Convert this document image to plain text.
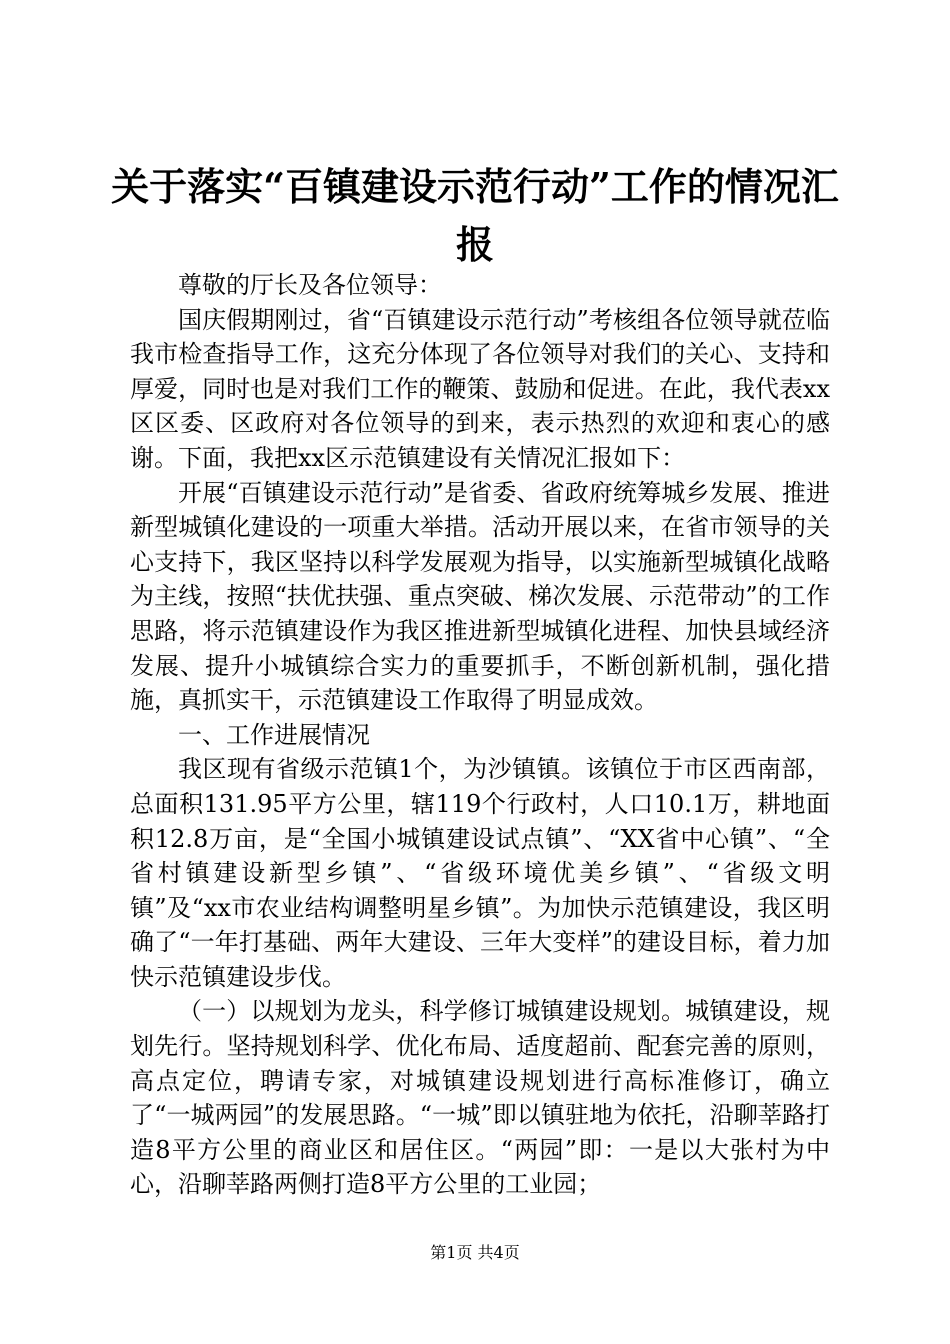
关于落实“百镇建设示范行动”工作的情况汇报

尊敬的厅长及各位领导：

国庆假期刚过，省“百镇建设示范行动”考核组各位领导就莅临我市检查指导工作，这充分体现了各位领导对我们的关心、支持和厚爱，同时也是对我们工作的鞭策、鼓励和促进。在此，我代表xx区区委、区政府对各位领导的到来，表示热烈的欢迎和衷心的感谢。下面，我把xx区示范镇建设有关情况汇报如下：

开展“百镇建设示范行动”是省委、省政府统筹城乡发展、推进新型城镇化建设的一项重大举措。活动开展以来，在省市领导的关心支持下，我区坚持以科学发展观为指导，以实施新型城镇化战略为主线，按照“扶优扶强、重点突破、梯次发展、示范带动”的工作思路，将示范镇建设作为我区推进新型城镇化进程、加快县域经济发展、提升小城镇综合实力的重要抓手，不断创新机制，强化措施，真抓实干，示范镇建设工作取得了明显成效。

一、工作进展情况

我区现有省级示范镇1个，为沙镇镇。该镇位于市区西南部，总面积131.95平方公里，辖119个行政村，人口10.1万，耕地面积12.8万亩，是“全国小城镇建设试点镇”、“XX省中心镇”、“全省村镇建设新型乡镇”、“省级环境优美乡镇”、“省级文明镇”及“xx市农业结构调整明星乡镇”。为加快示范镇建设，我区明确了“一年打基础、两年大建设、三年大变样”的建设目标，着力加快示范镇建设步伐。

（一）以规划为龙头，科学修订城镇建设规划。城镇建设，规划先行。坚持规划科学、优化布局、适度超前、配套完善的原则，高点定位，聘请专家，对城镇建设规划进行高标准修订，确立了“一城两园”的发展思路。“一城”即以镇驻地为依托，沿聊莘路打造8平方公里的商业区和居住区。“两园”即：一是以大张村为中心，沿聊莘路两侧打造8平方公里的工业园；

第1页 共4页
